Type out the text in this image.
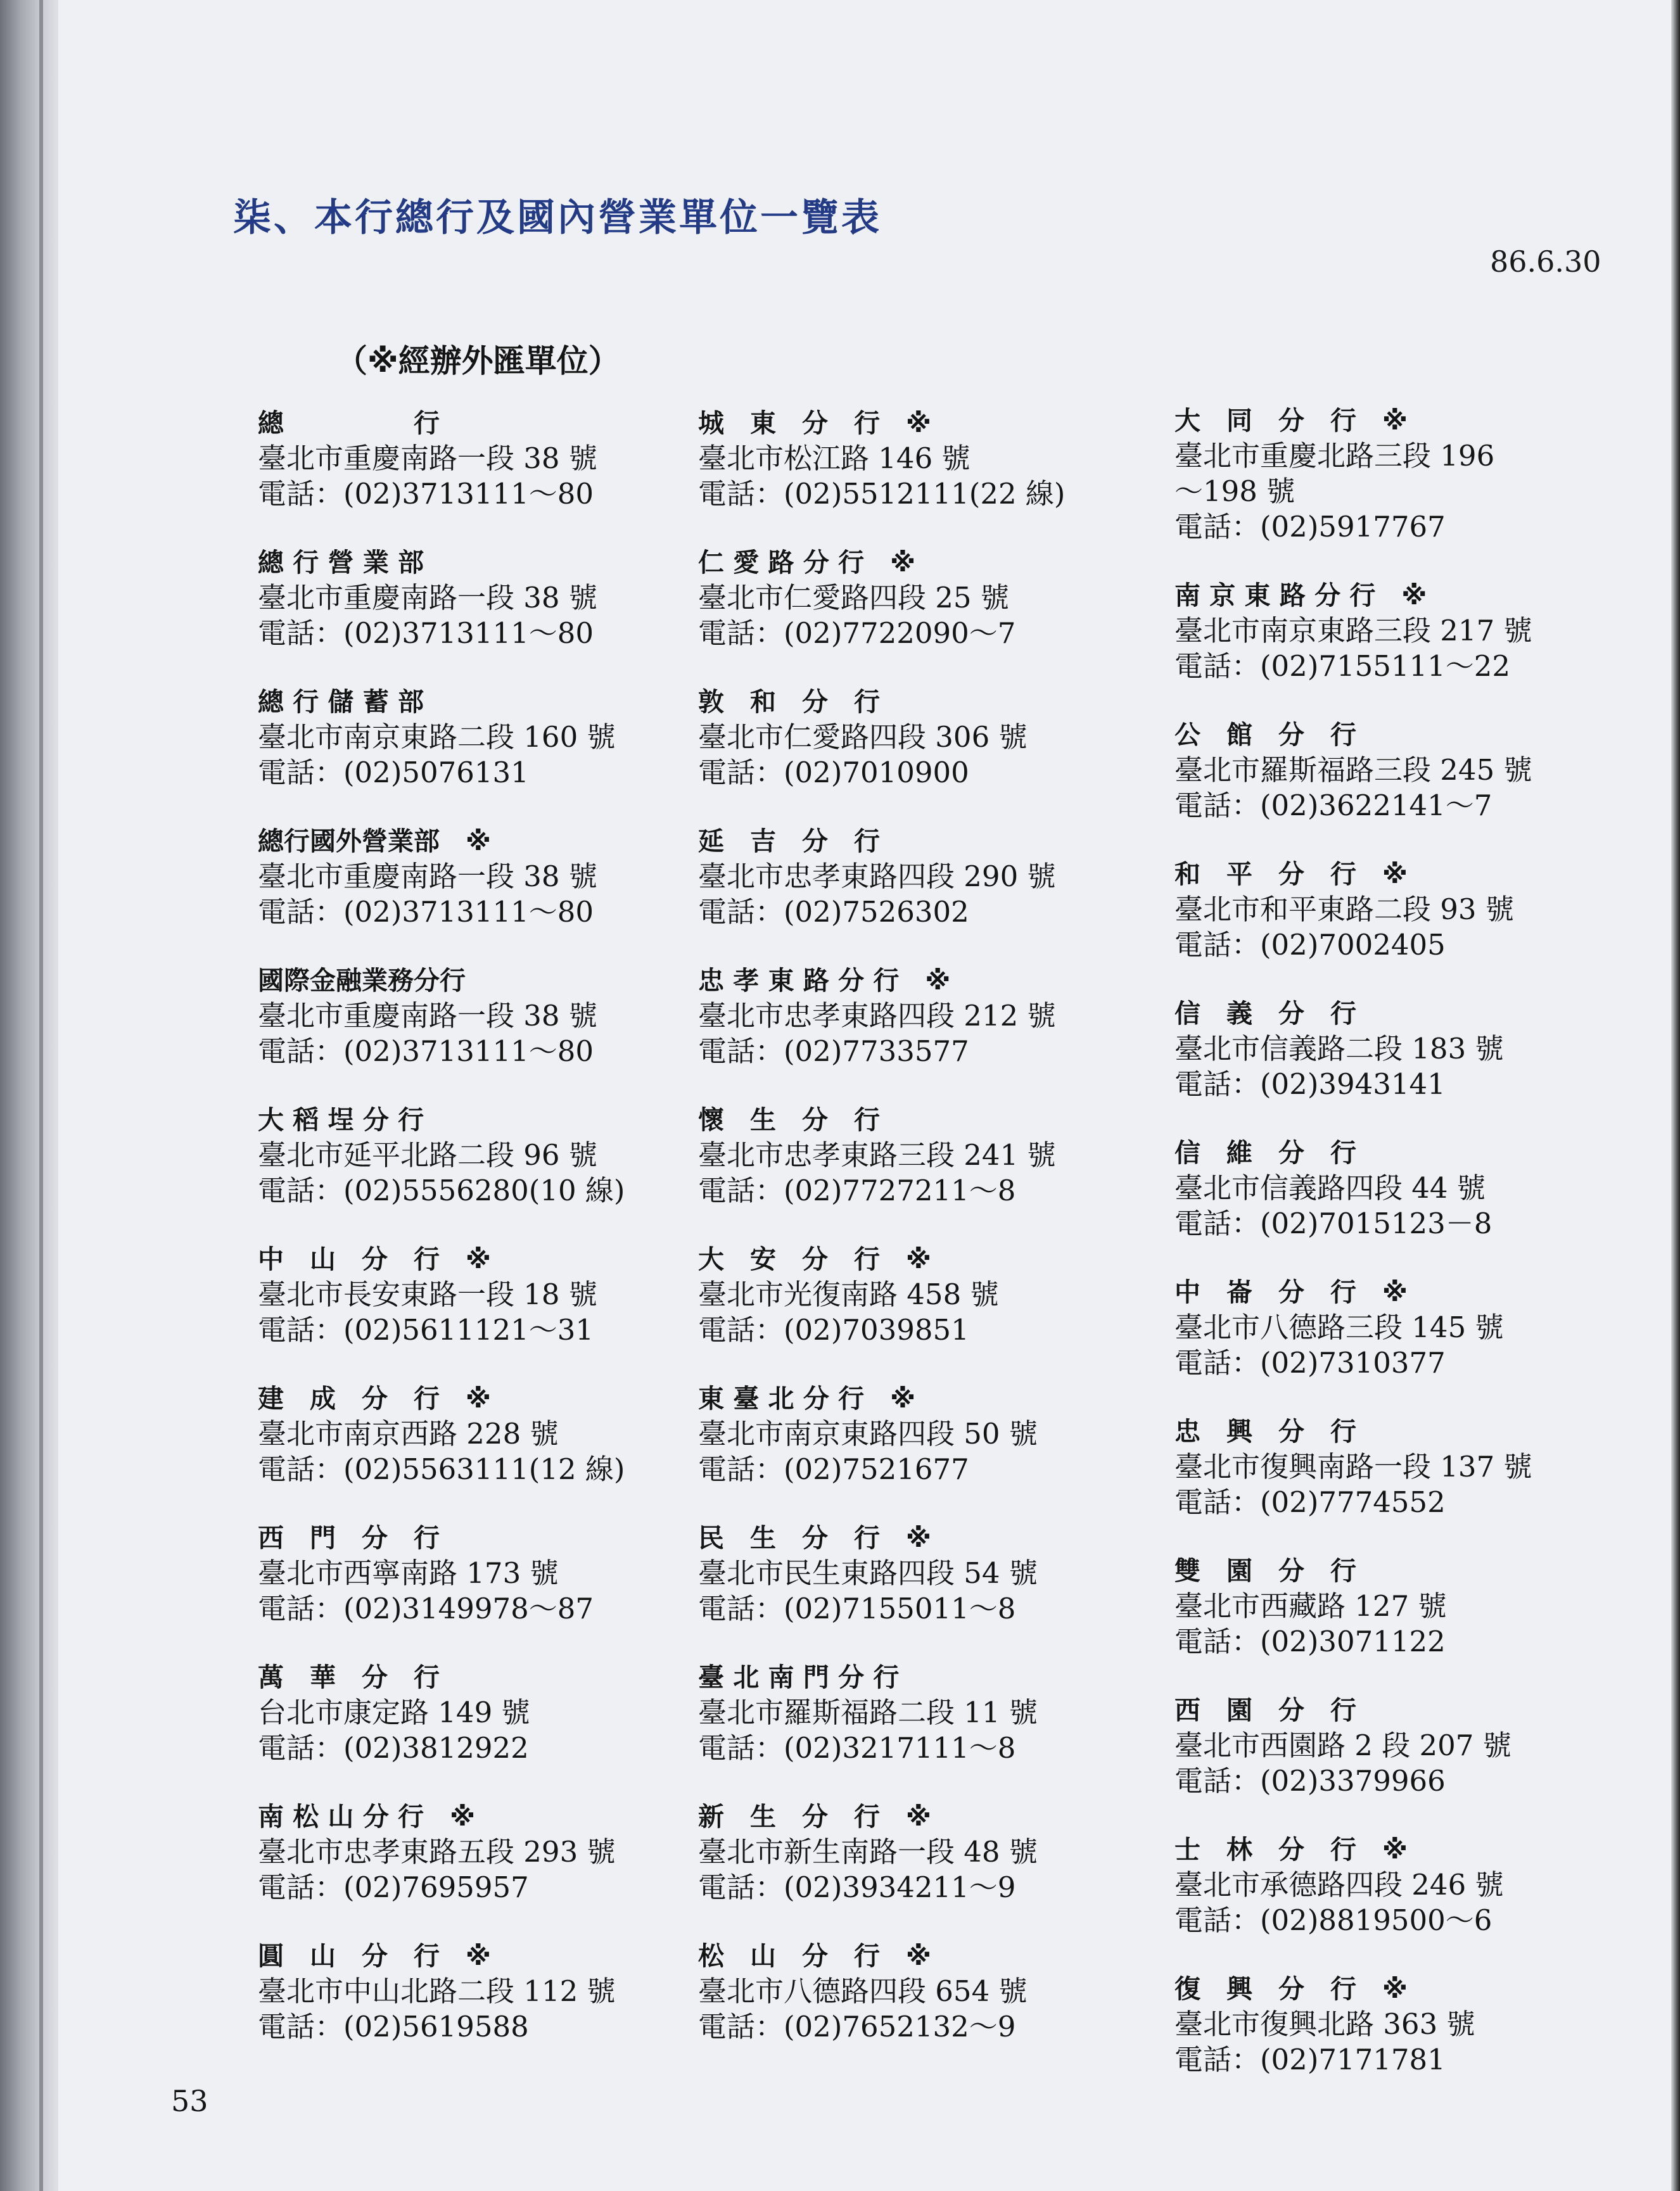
柒、本行總行及國內營業單位一覽表
86.6.30
（※經辦外匯單位）
總　　　　　行
臺北市重慶南路一段 38 號
電話：(02)3713111～80
總 行 營 業 部
臺北市重慶南路一段 38 號
電話：(02)3713111～80
總 行 儲 蓄 部
臺北市南京東路二段 160 號
電話：(02)5076131
總行國外營業部　※
臺北市重慶南路一段 38 號
電話：(02)3713111～80
國際金融業務分行
臺北市重慶南路一段 38 號
電話：(02)3713111～80
大 稻 埕 分 行
臺北市延平北路二段 96 號
電話：(02)5556280(10 線)
中　山　分　行　※
臺北市長安東路一段 18 號
電話：(02)5611121～31
建　成　分　行　※
臺北市南京西路 228 號
電話：(02)5563111(12 線)
西　門　分　行
臺北市西寧南路 173 號
電話：(02)3149978～87
萬　華　分　行
台北市康定路 149 號
電話：(02)3812922
南 松 山 分 行　※
臺北市忠孝東路五段 293 號
電話：(02)7695957
圓　山　分　行　※
臺北市中山北路二段 112 號
電話：(02)5619588
城　東　分　行　※
臺北市松江路 146 號
電話：(02)5512111(22 線)
仁 愛 路 分 行　※
臺北市仁愛路四段 25 號
電話：(02)7722090～7
敦　和　分　行
臺北市仁愛路四段 306 號
電話：(02)7010900
延　吉　分　行
臺北市忠孝東路四段 290 號
電話：(02)7526302
忠 孝 東 路 分 行　※
臺北市忠孝東路四段 212 號
電話：(02)7733577
懷　生　分　行
臺北市忠孝東路三段 241 號
電話：(02)7727211～8
大　安　分　行　※
臺北市光復南路 458 號
電話：(02)7039851
東 臺 北 分 行　※
臺北市南京東路四段 50 號
電話：(02)7521677
民　生　分　行　※
臺北市民生東路四段 54 號
電話：(02)7155011～8
臺 北 南 門 分 行
臺北市羅斯福路二段 11 號
電話：(02)3217111～8
新　生　分　行　※
臺北市新生南路一段 48 號
電話：(02)3934211～9
松　山　分　行　※
臺北市八德路四段 654 號
電話：(02)7652132～9
大　同　分　行　※
臺北市重慶北路三段 196 ～198 號
電話：(02)5917767
南 京 東 路 分 行　※
臺北市南京東路三段 217 號
電話：(02)7155111～22
公　館　分　行
臺北市羅斯福路三段 245 號
電話：(02)3622141～7
和　平　分　行　※
臺北市和平東路二段 93 號
電話：(02)7002405
信　義　分　行
臺北市信義路二段 183 號
電話：(02)3943141
信　維　分　行
臺北市信義路四段 44 號
電話：(02)7015123－8
中　崙　分　行　※
臺北市八德路三段 145 號
電話：(02)7310377
忠　興　分　行
臺北市復興南路一段 137 號
電話：(02)7774552
雙　園　分　行
臺北市西藏路 127 號
電話：(02)3071122
西　園　分　行
臺北市西園路 2 段 207 號
電話：(02)3379966
士　林　分　行　※
臺北市承德路四段 246 號
電話：(02)8819500～6
復　興　分　行　※
臺北市復興北路 363 號
電話：(02)7171781
53
